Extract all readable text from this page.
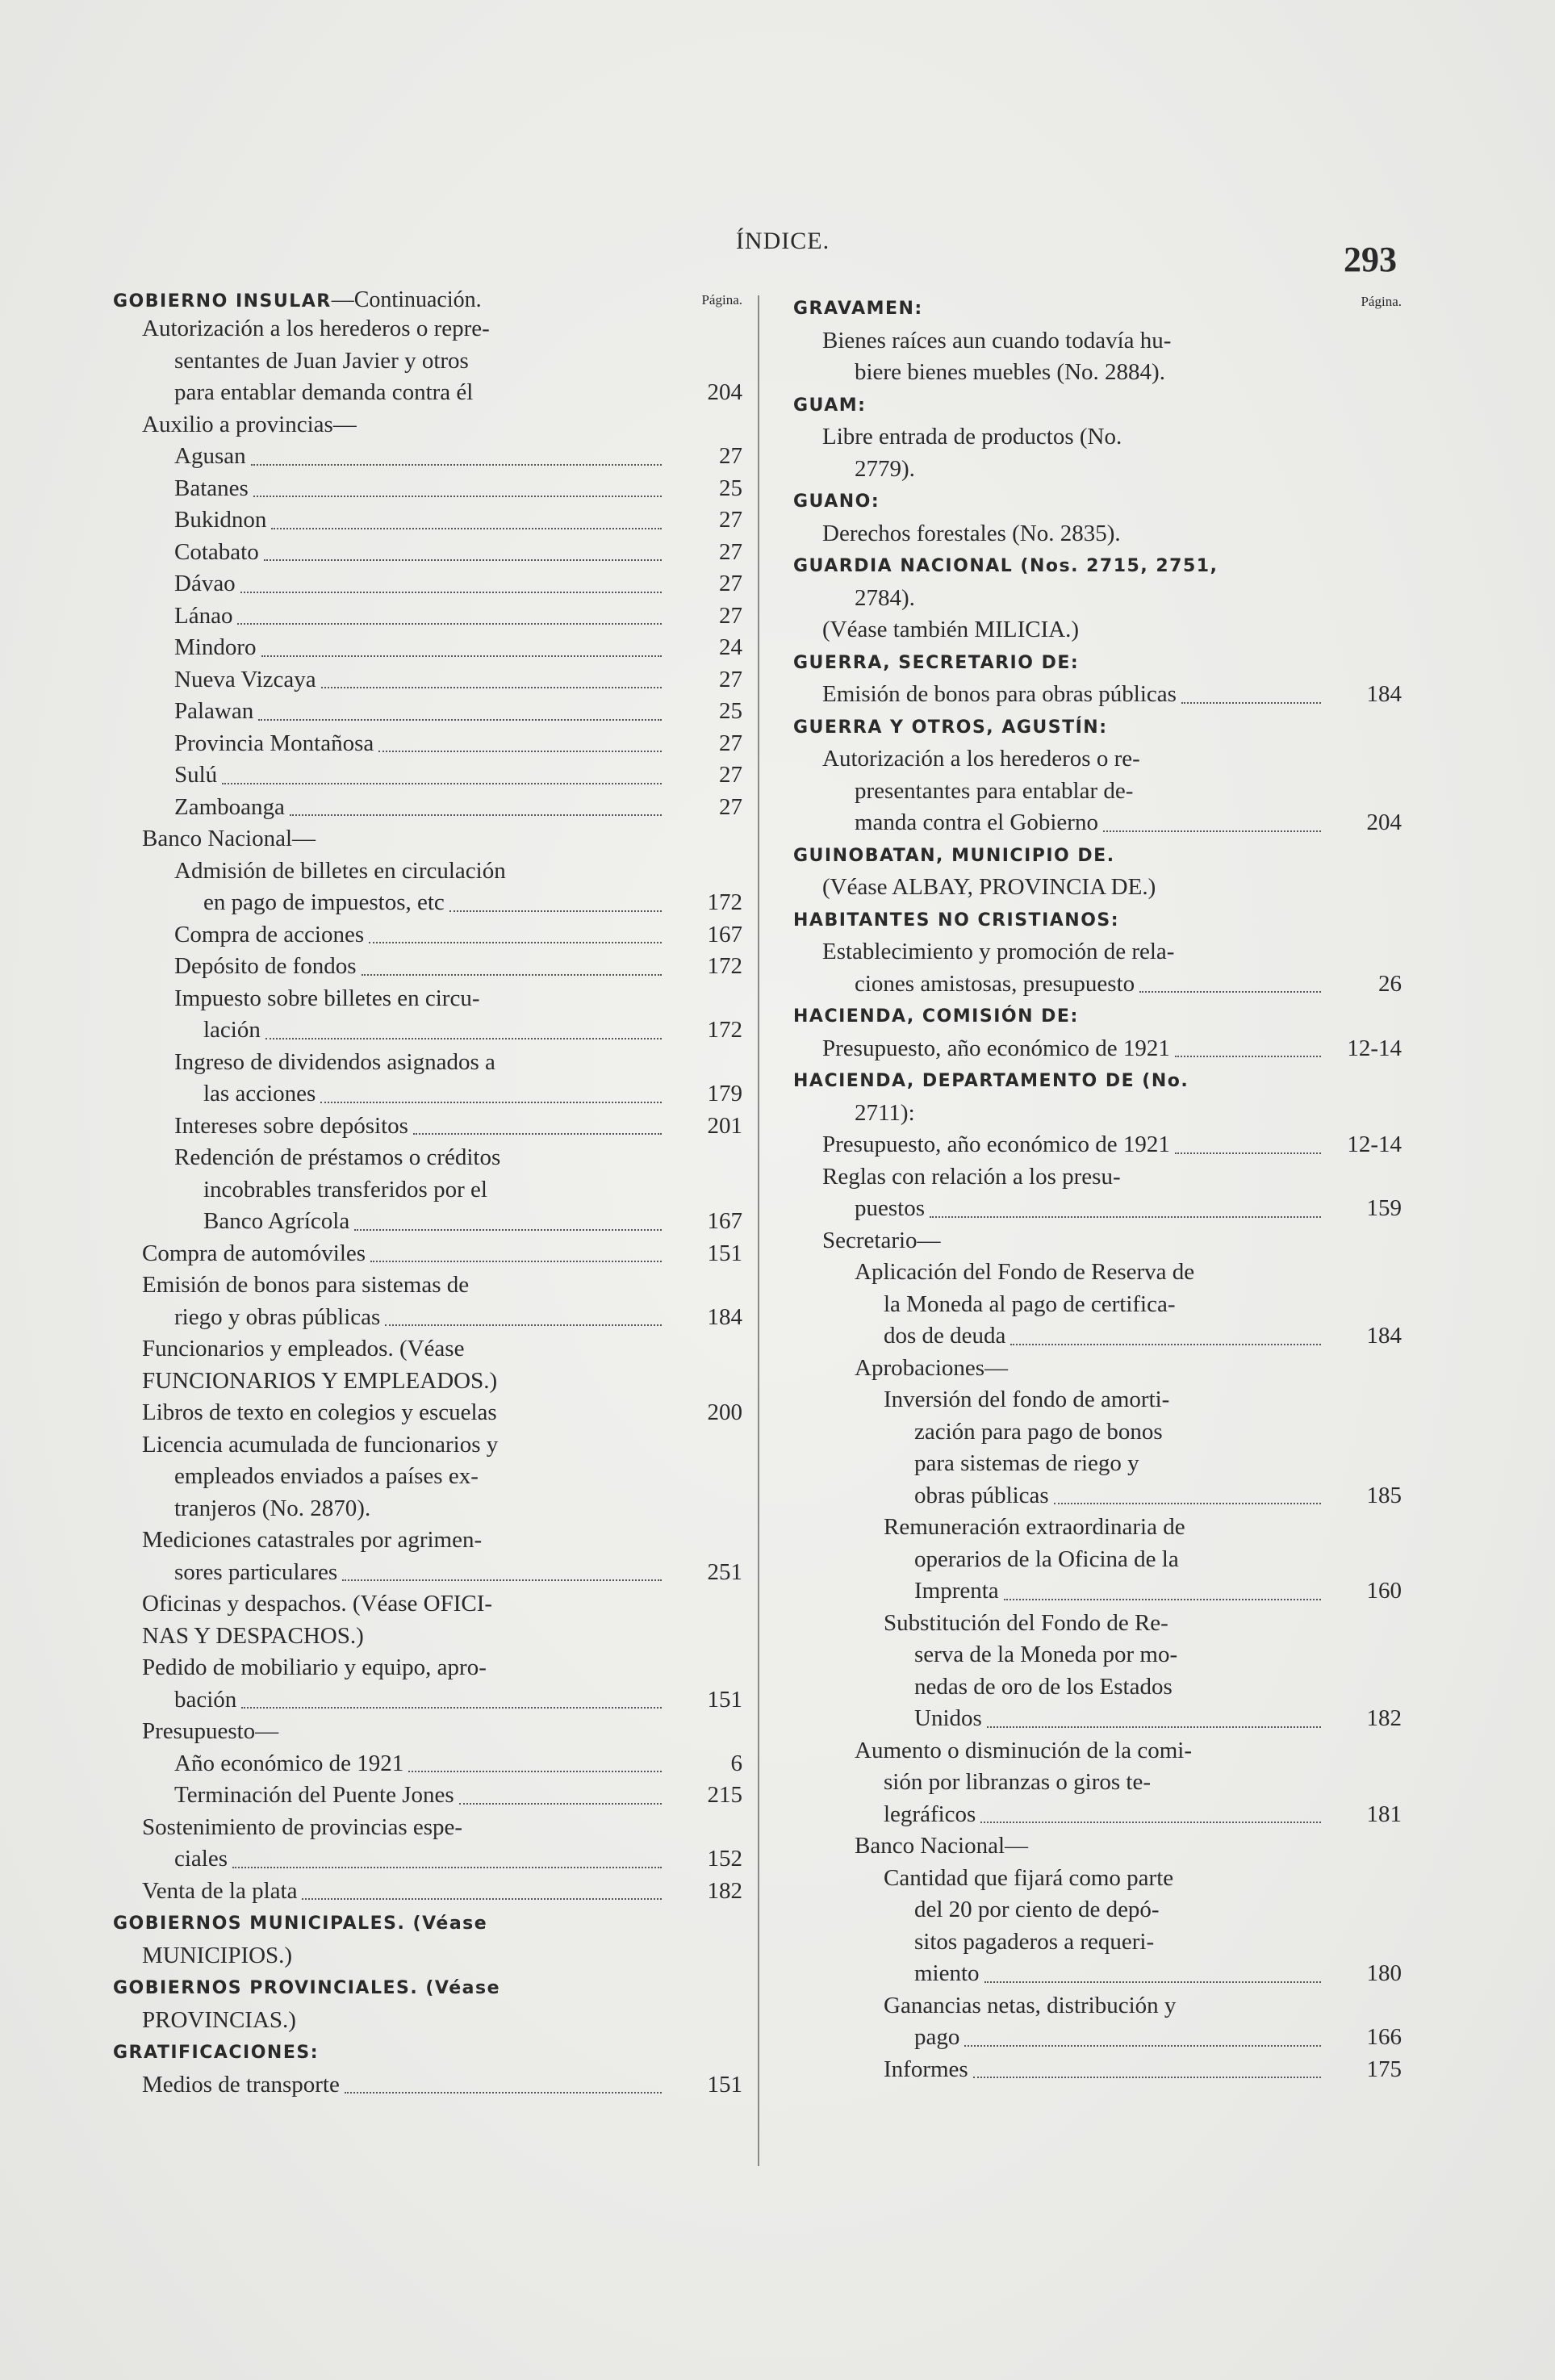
ÍNDICE.	293
GOBIERNO INSULAR—Continuación.	Página.
Autorización a los herederos o repre-
sentantes de Juan Javier y otros
para entablar demanda contra él	204
Auxilio a provincias—
Agusan	27
Batanes	25
Bukidnon	27
Cotabato	27
Dávao	27
Lánao	27
Mindoro	24
Nueva Vizcaya	27
Palawan	25
Provincia Montañosa	27
Sulú	27
Zamboanga	27
Banco Nacional—
Admisión de billetes en circulación
en pago de impuestos, etc	172
Compra de acciones	167
Depósito de fondos	172
Impuesto sobre billetes en circu-
lación	172
Ingreso de dividendos asignados a
las acciones	179
Intereses sobre depósitos	201
Redención de préstamos o créditos
incobrables transferidos por el
Banco Agrícola	167
Compra de automóviles	151
Emisión de bonos para sistemas de
riego y obras públicas	184
Funcionarios y empleados. (Véase
FUNCIONARIOS Y EMPLEADOS.)
Libros de texto en colegios y escuelas	200
Licencia acumulada de funcionarios y
empleados enviados a países ex-
tranjeros (No. 2870).
Mediciones catastrales por agrimen-
sores particulares	251
Oficinas y despachos. (Véase OFICI-
NAS Y DESPACHOS.)
Pedido de mobiliario y equipo, apro-
bación	151
Presupuesto—
Año económico de 1921	6
Terminación del Puente Jones	215
Sostenimiento de provincias espe-
ciales	152
Venta de la plata	182
GOBIERNOS MUNICIPALES. (Véase
MUNICIPIOS.)
GOBIERNOS PROVINCIALES. (Véase
PROVINCIAS.)
GRATIFICACIONES:
Medios de transporte	151
Página.
GRAVAMEN:
Bienes raíces aun cuando todavía hu-
biere bienes muebles (No. 2884).
GUAM:
Libre entrada de productos (No.
2779).
GUANO:
Derechos forestales (No. 2835).
GUARDIA NACIONAL (Nos. 2715, 2751,
2784).
(Véase también MILICIA.)
GUERRA, SECRETARIO DE:
Emisión de bonos para obras públicas	184
GUERRA Y OTROS, AGUSTÍN:
Autorización a los herederos o re-
presentantes para entablar de-
manda contra el Gobierno	204
GUINOBATAN, MUNICIPIO DE.
(Véase ALBAY, PROVINCIA DE.)
HABITANTES NO CRISTIANOS:
Establecimiento y promoción de rela-
ciones amistosas, presupuesto	26
HACIENDA, COMISIÓN DE:
Presupuesto, año económico de 1921	12-14
HACIENDA, DEPARTAMENTO DE (No.
2711):
Presupuesto, año económico de 1921	12-14
Reglas con relación a los presu-
puestos	159
Secretario—
Aplicación del Fondo de Reserva de
la Moneda al pago de certifica-
dos de deuda	184
Aprobaciones—
Inversión del fondo de amorti-
zación para pago de bonos
para sistemas de riego y
obras públicas	185
Remuneración extraordinaria de
operarios de la Oficina de la
Imprenta	160
Substitución del Fondo de Re-
serva de la Moneda por mo-
nedas de oro de los Estados
Unidos	182
Aumento o disminución de la comi-
sión por libranzas o giros te-
legráficos	181
Banco Nacional—
Cantidad que fijará como parte
del 20 por ciento de depó-
sitos pagaderos a requeri-
miento	180
Ganancias netas, distribución y
pago	166
Informes	175
